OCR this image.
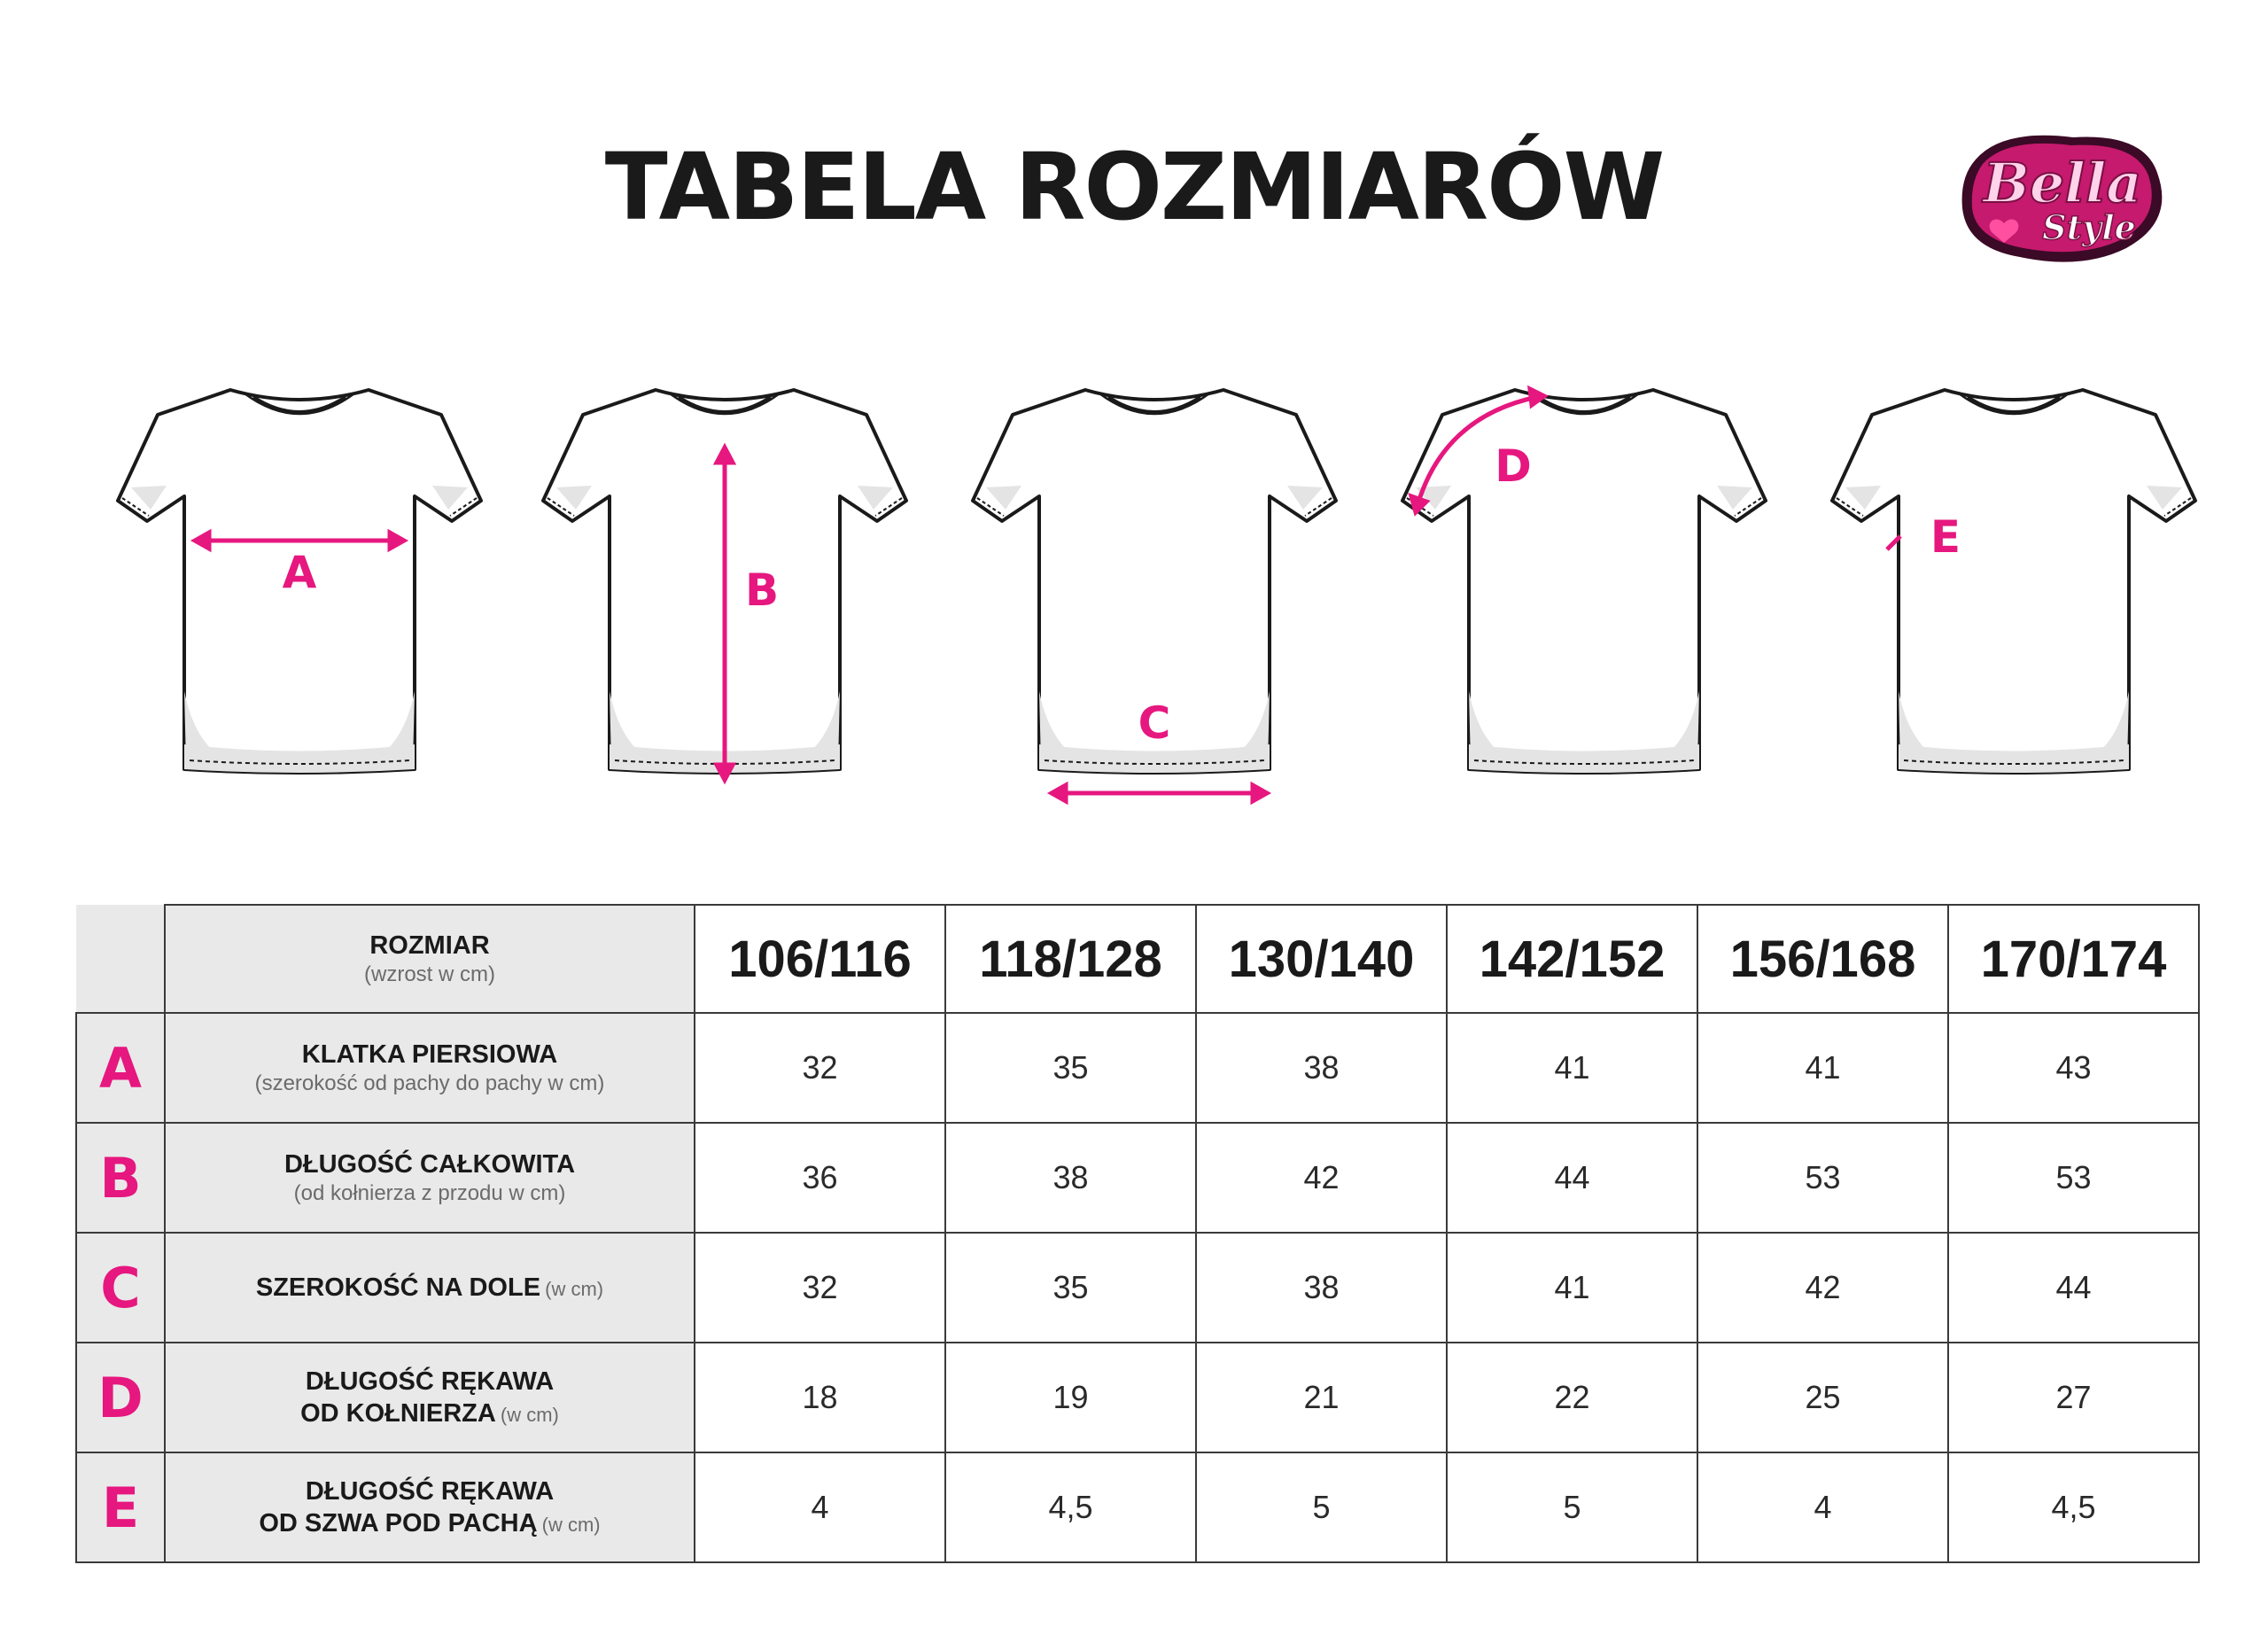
TABELA ROZMIARÓW	Bella
Style
A	B
C
D
E

	ROZMIAR
(wzrost w cm)	106/116	118/128	130/140	142/152	156/168	170/174
A	KLATKA PIERSIOWA
(szerokość od pachy do pachy w cm)	32	35	38	41	41	43
B	DŁUGOŚĆ CAŁKOWITA
(od kołnierza z przodu w cm)	36	38	42	44	53	53
C	SZEROKOŚĆ NA DOLE (w cm)	32	35	38	41	42	44
D	DŁUGOŚĆ RĘKAWA
OD KOŁNIERZA (w cm)	18	19	21	22	25	27
E	DŁUGOŚĆ RĘKAWA
OD SZWA POD PACHĄ (w cm)	4	4,5	5	5	4	4,5
